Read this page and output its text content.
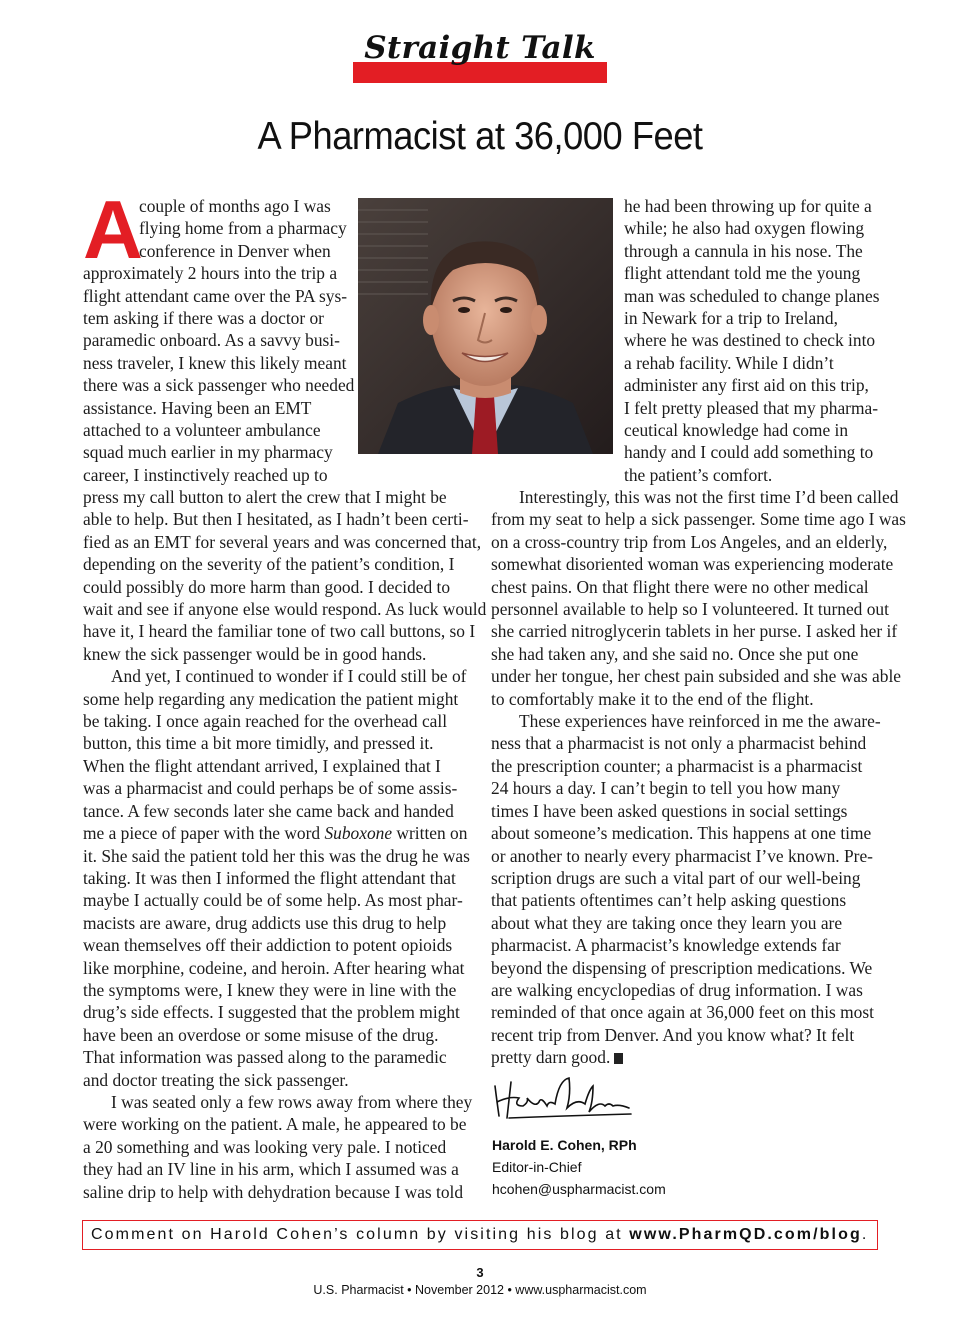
Straight Talk
A Pharmacist at 36,000 Feet
A
couple of months ago I was
flying home from a pharmacy
conference in Denver when
approximately 2 hours into the trip a
flight attendant came over the PA sys-
tem asking if there was a doctor or
paramedic onboard. As a savvy busi-
ness traveler, I knew this likely meant
there was a sick passenger who needed
assistance. Having been an EMT
attached to a volunteer ambulance
squad much earlier in my pharmacy
career, I instinctively reached up to
press my call button to alert the crew that I might be
able to help. But then I hesitated, as I hadn’t been certi-
fied as an EMT for several years and was concerned that,
depending on the severity of the patient’s condition, I
could possibly do more harm than good. I decided to
wait and see if anyone else would respond. As luck would
have it, I heard the familiar tone of two call buttons, so I
knew the sick passenger would be in good hands.
And yet, I continued to wonder if I could still be of
some help regarding any medication the patient might
be taking. I once again reached for the overhead call
button, this time a bit more timidly, and pressed it.
When the flight attendant arrived, I explained that I
was a pharmacist and could perhaps be of some assis-
tance. A few seconds later she came back and handed
me a piece of paper with the word Suboxone written on
it. She said the patient told her this was the drug he was
taking. It was then I informed the flight attendant that
maybe I actually could be of some help. As most phar-
macists are aware, drug addicts use this drug to help
wean themselves off their addiction to potent opioids
like morphine, codeine, and heroin. After hearing what
the symptoms were, I knew they were in line with the
drug’s side effects. I suggested that the problem might
have been an overdose or some misuse of the drug.
That information was passed along to the paramedic
and doctor treating the sick passenger.
I was seated only a few rows away from where they
were working on the patient. A male, he appeared to be
a 20 something and was looking very pale. I noticed
they had an IV line in his arm, which I assumed was a
saline drip to help with dehydration because I was told
he had been throwing up for quite a
while; he also had oxygen flowing
through a cannula in his nose. The
flight attendant told me the young
man was scheduled to change planes
in Newark for a trip to Ireland,
where he was destined to check into
a rehab facility. While I didn’t
administer any first aid on this trip,
I felt pretty pleased that my pharma-
ceutical knowledge had come in
handy and I could add something to
the patient’s comfort.
Interestingly, this was not the first time I’d been called
from my seat to help a sick passenger. Some time ago I was
on a cross-country trip from Los Angeles, and an elderly,
somewhat disoriented woman was experiencing moderate
chest pains. On that flight there were no other medical
personnel available to help so I volunteered. It turned out
she carried nitroglycerin tablets in her purse. I asked her if
she had taken any, and she said no. Once she put one
under her tongue, her chest pain subsided and she was able
to comfortably make it to the end of the flight.
These experiences have reinforced in me the aware-
ness that a pharmacist is not only a pharmacist behind
the prescription counter; a pharmacist is a pharmacist
24 hours a day. I can’t begin to tell you how many
times I have been asked questions in social settings
about someone’s medication. This happens at one time
or another to nearly every pharmacist I’ve known. Pre-
scription drugs are such a vital part of our well-being
that patients oftentimes can’t help asking questions
about what they are taking once they learn you are
pharmacist. A pharmacist’s knowledge extends far
beyond the dispensing of prescription medications. We
are walking encyclopedias of drug information. I was
reminded of that once again at 36,000 feet on this most
recent trip from Denver. And you know what? It felt
pretty darn good.
Harold E. Cohen, RPh
Editor-in-Chief
hcohen@uspharmacist.com
Comment on Harold Cohen’s column by visiting his blog at www.PharmQD.com/blog.
3
U.S. Pharmacist • November 2012 • www.uspharmacist.com
